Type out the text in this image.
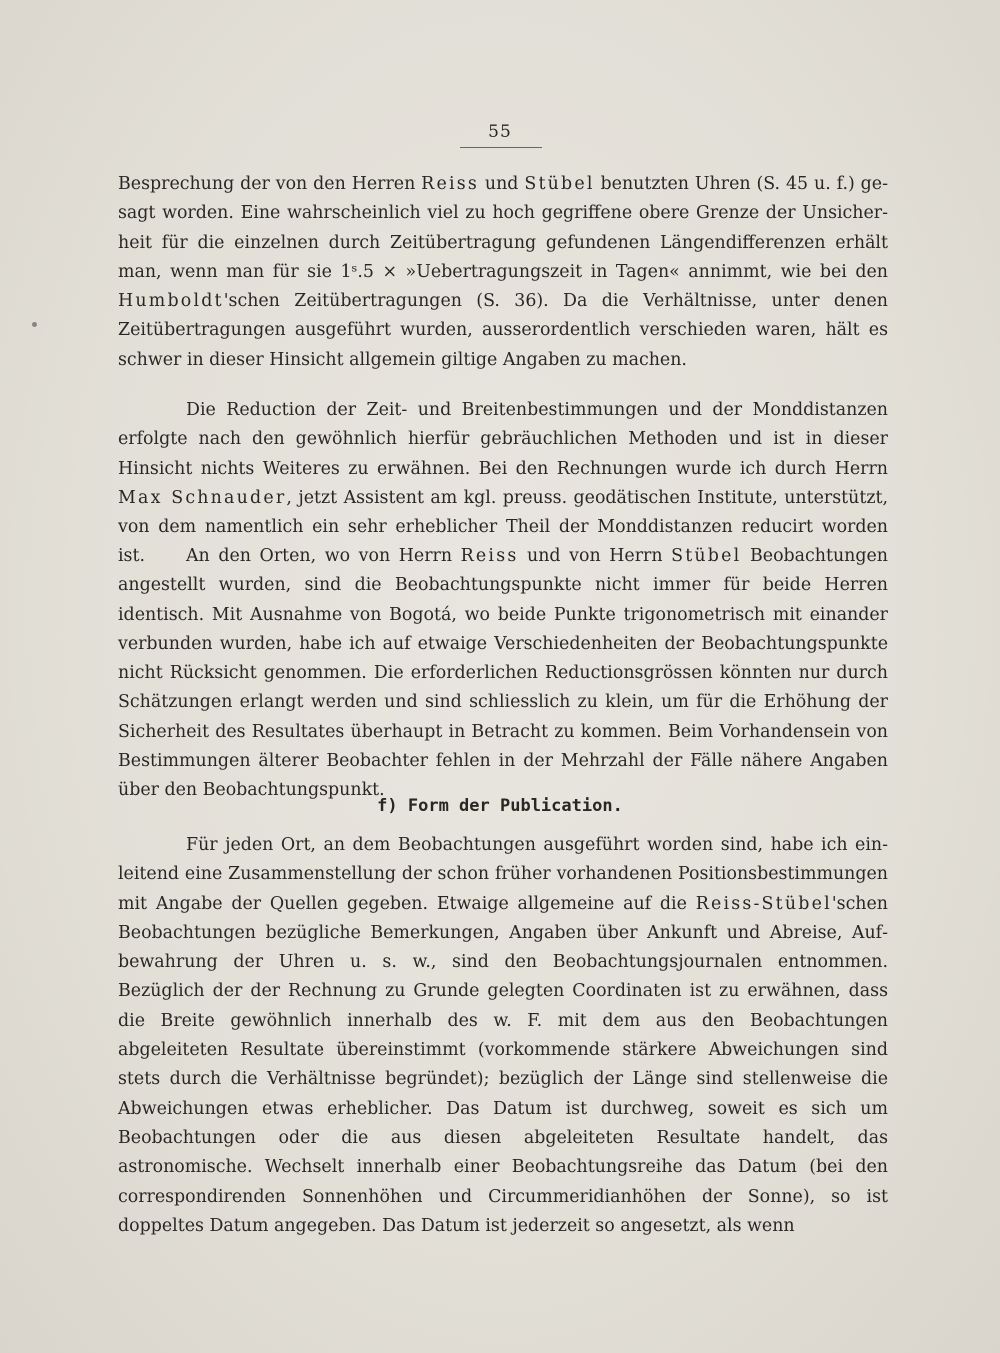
55

Besprechung der von den Herren Reiss und Stübel benutzten Uhren (S. 45 u. f.) gesagt worden. Eine wahrscheinlich viel zu hoch gegriffene obere Grenze der Unsicherheit für die einzelnen durch Zeitübertragung gefundenen Längendifferenzen erhält man, wenn man für sie 1ˢ.5 × »Uebertragungszeit in Tagen« annimmt, wie bei den Humboldt'schen Zeitübertragungen (S. 36). Da die Verhältnisse, unter denen Zeitübertragungen ausgeführt wurden, ausserordentlich verschieden waren, hält es schwer in dieser Hinsicht allgemein giltige Angaben zu machen.

Die Reduction der Zeit- und Breitenbestimmungen und der Monddistanzen erfolgte nach den gewöhnlich hierfür gebräuchlichen Methoden und ist in dieser Hinsicht nichts Weiteres zu erwähnen. Bei den Rechnungen wurde ich durch Herrn Max Schnauder, jetzt Assistent am kgl. preuss. geodätischen Institute, unterstützt, von dem namentlich ein sehr erheblicher Theil der Monddistanzen reducirt worden ist.	An den Orten, wo von Herrn Reiss und von Herrn Stübel Beobachtungen angestellt wurden, sind die Beobachtungspunkte nicht immer für beide Herren identisch. Mit Ausnahme von Bogotá, wo beide Punkte trigonometrisch mit einander verbunden wurden, habe ich auf etwaige Verschiedenheiten der Beobachtungspunkte nicht Rücksicht genommen. Die erforderlichen Reductionsgrössen könnten nur durch Schätzungen erlangt werden und sind schliesslich zu klein, um für die Erhöhung der Sicherheit des Resultates überhaupt in Betracht zu kommen. Beim Vorhandensein von Bestimmungen älterer Beobachter fehlen in der Mehrzahl der Fälle nähere Angaben über den Beobachtungspunkt.

f) Form der Publication.

Für jeden Ort, an dem Beobachtungen ausgeführt worden sind, habe ich einleitend eine Zusammenstellung der schon früher vorhandenen Positionsbestimmungen mit Angabe der Quellen gegeben. Etwaige allgemeine auf die Reiss-Stübel'schen Beobachtungen bezügliche Bemerkungen, Angaben über Ankunft und Abreise, Aufbewahrung der Uhren u. s. w., sind den Beobachtungsjournalen entnommen. Bezüglich der der Rechnung zu Grunde gelegten Coordinaten ist zu erwähnen, dass die Breite gewöhnlich innerhalb des w. F. mit dem aus den Beobachtungen abgeleiteten Resultate übereinstimmt (vorkommende stärkere Abweichungen sind stets durch die Verhältnisse begründet); bezüglich der Länge sind stellenweise die Abweichungen etwas erheblicher. Das Datum ist durchweg, soweit es sich um Beobachtungen oder die aus diesen abgeleiteten Resultate handelt, das astronomische. Wechselt innerhalb einer Beobachtungsreihe das Datum (bei den correspondirenden Sonnenhöhen und Circummeridianhöhen der Sonne), so ist doppeltes Datum angegeben. Das Datum ist jederzeit so angesetzt, als wenn
